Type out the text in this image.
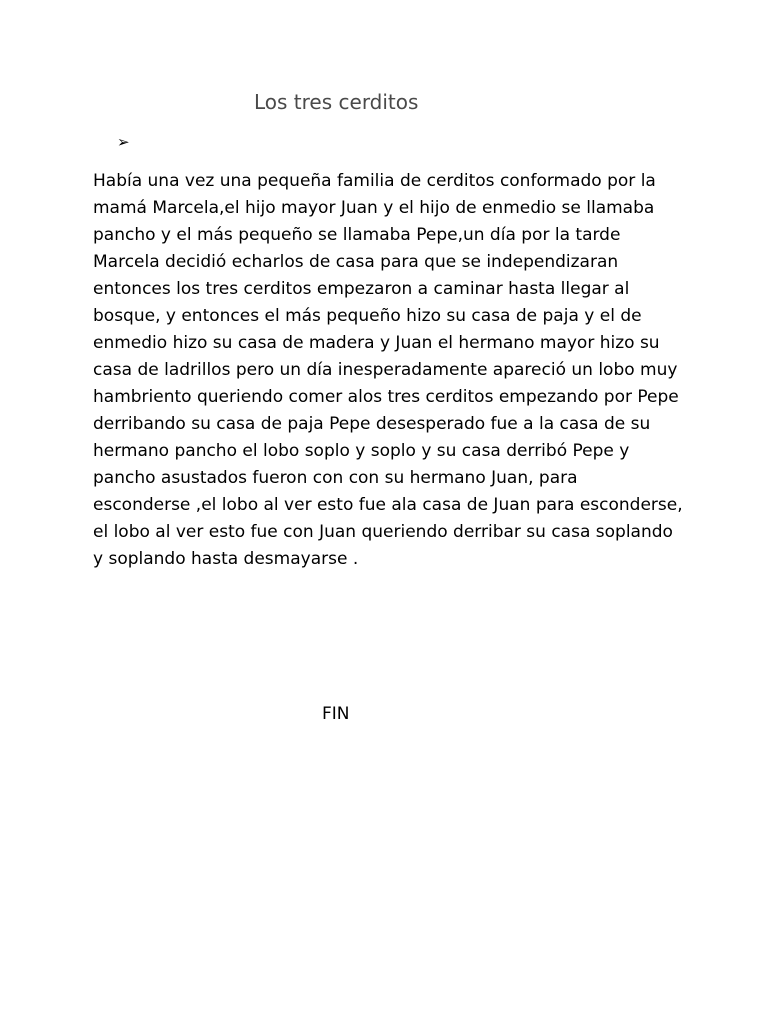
Los tres cerditos
➢

Había una vez una pequeña familia de cerditos conformado por la
mamá Marcela,el hijo mayor Juan y el hijo de enmedio se llamaba
pancho y el más pequeño se llamaba Pepe,un día por la tarde
Marcela decidió echarlos de casa para que se independizaran
entonces los tres cerditos empezaron a caminar hasta llegar al
bosque, y entonces el más pequeño hizo su casa de paja y el de
enmedio hizo su casa de madera y Juan el hermano mayor hizo su
casa de ladrillos pero un día inesperadamente apareció un lobo muy
hambriento queriendo comer alos tres cerditos empezando por Pepe
derribando su casa de paja Pepe desesperado fue a la casa de su
hermano pancho el lobo soplo y soplo y su casa derribó Pepe y
pancho asustados fueron con con su hermano Juan, para
esconderse ,el lobo al ver esto fue ala casa de Juan para esconderse,
el lobo al ver esto fue con Juan queriendo derribar su casa soplando
y soplando hasta desmayarse .

FIN
